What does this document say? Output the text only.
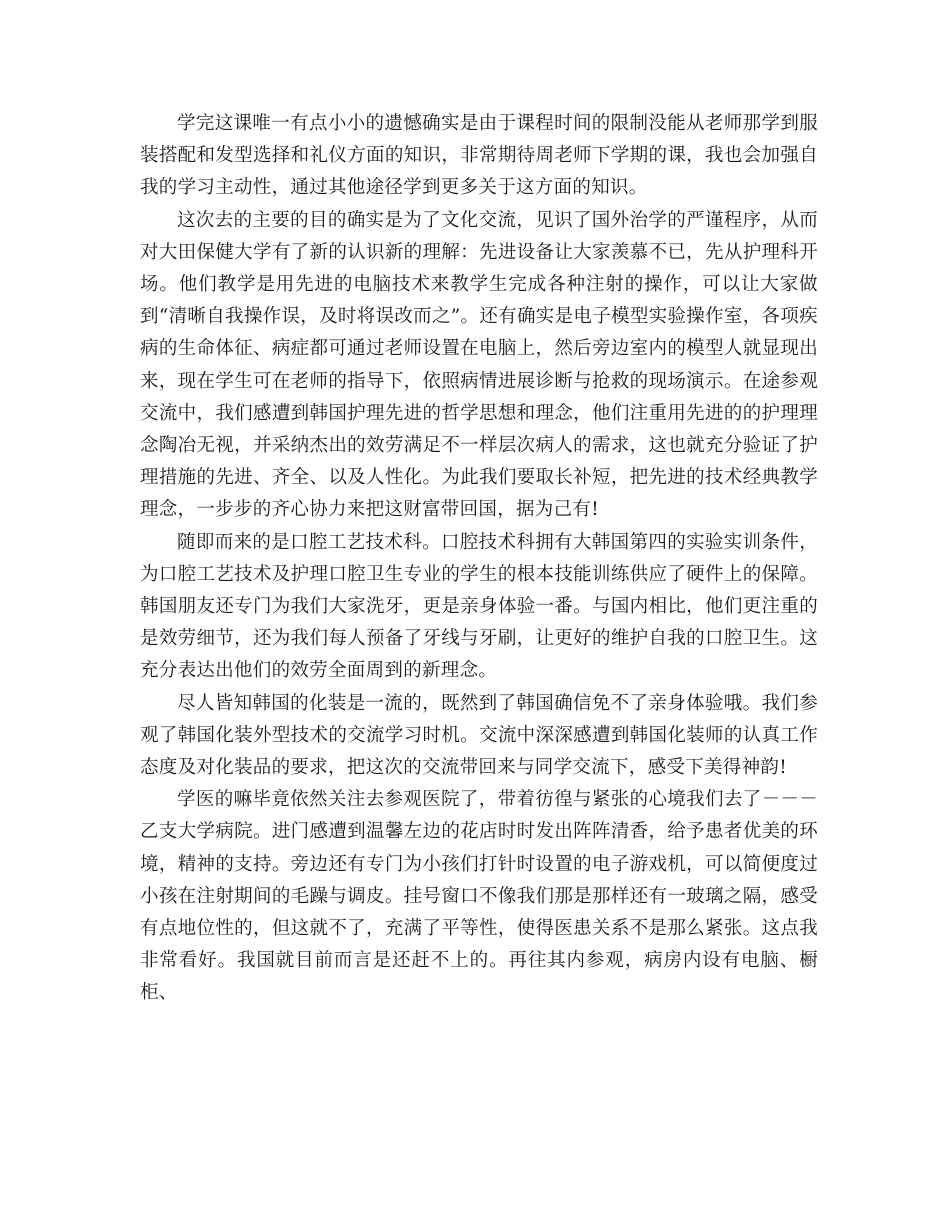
学完这课唯一有点小小的遗憾确实是由于课程时间的限制没能从老师那学到服装搭配和发型选择和礼仪方面的知识，非常期待周老师下学期的课，我也会加强自我的学习主动性，通过其他途径学到更多关于这方面的知识。

这次去的主要的目的确实是为了文化交流，见识了国外治学的严谨程序，从而对大田保健大学有了新的认识新的理解：先进设备让大家羡慕不已，先从护理科开场。他们教学是用先进的电脑技术来教学生完成各种注射的操作，可以让大家做到“清晰自我操作误，及时将误改而之”。还有确实是电子模型实验操作室，各项疾病的生命体征、病症都可通过老师设置在电脑上，然后旁边室内的模型人就显现出来，现在学生可在老师的指导下，依照病情进展诊断与抢救的现场演示。在途参观交流中，我们感遭到韩国护理先进的哲学思想和理念，他们注重用先进的的护理理念陶冶无视，并采纳杰出的效劳满足不一样层次病人的需求，这也就充分验证了护理措施的先进、齐全、以及人性化。为此我们要取长补短，把先进的技术经典教学理念，一步步的齐心协力来把这财富带回国，据为己有!

随即而来的是口腔工艺技术科。口腔技术科拥有大韩国第四的实验实训条件，为口腔工艺技术及护理口腔卫生专业的学生的根本技能训练供应了硬件上的保障。韩国朋友还专门为我们大家洗牙，更是亲身体验一番。与国内相比，他们更注重的是效劳细节，还为我们每人预备了牙线与牙刷，让更好的维护自我的口腔卫生。这充分表达出他们的效劳全面周到的新理念。

尽人皆知韩国的化装是一流的，既然到了韩国确信免不了亲身体验哦。我们参观了韩国化装外型技术的交流学习时机。交流中深深感遭到韩国化装师的认真工作态度及对化装品的要求，把这次的交流带回来与同学交流下，感受下美得神韵!

学医的嘛毕竟依然关注去参观医院了，带着彷徨与紧张的心境我们去了－－－乙支大学病院。进门感遭到温馨左边的花店时时发出阵阵清香，给予患者优美的环境，精神的支持。旁边还有专门为小孩们打针时设置的电子游戏机，可以简便度过小孩在注射期间的毛躁与调皮。挂号窗口不像我们那是那样还有一玻璃之隔，感受有点地位性的，但这就不了，充满了平等性，使得医患关系不是那么紧张。这点我非常看好。我国就目前而言是还赶不上的。再往其内参观，病房内设有电脑、橱柜、
